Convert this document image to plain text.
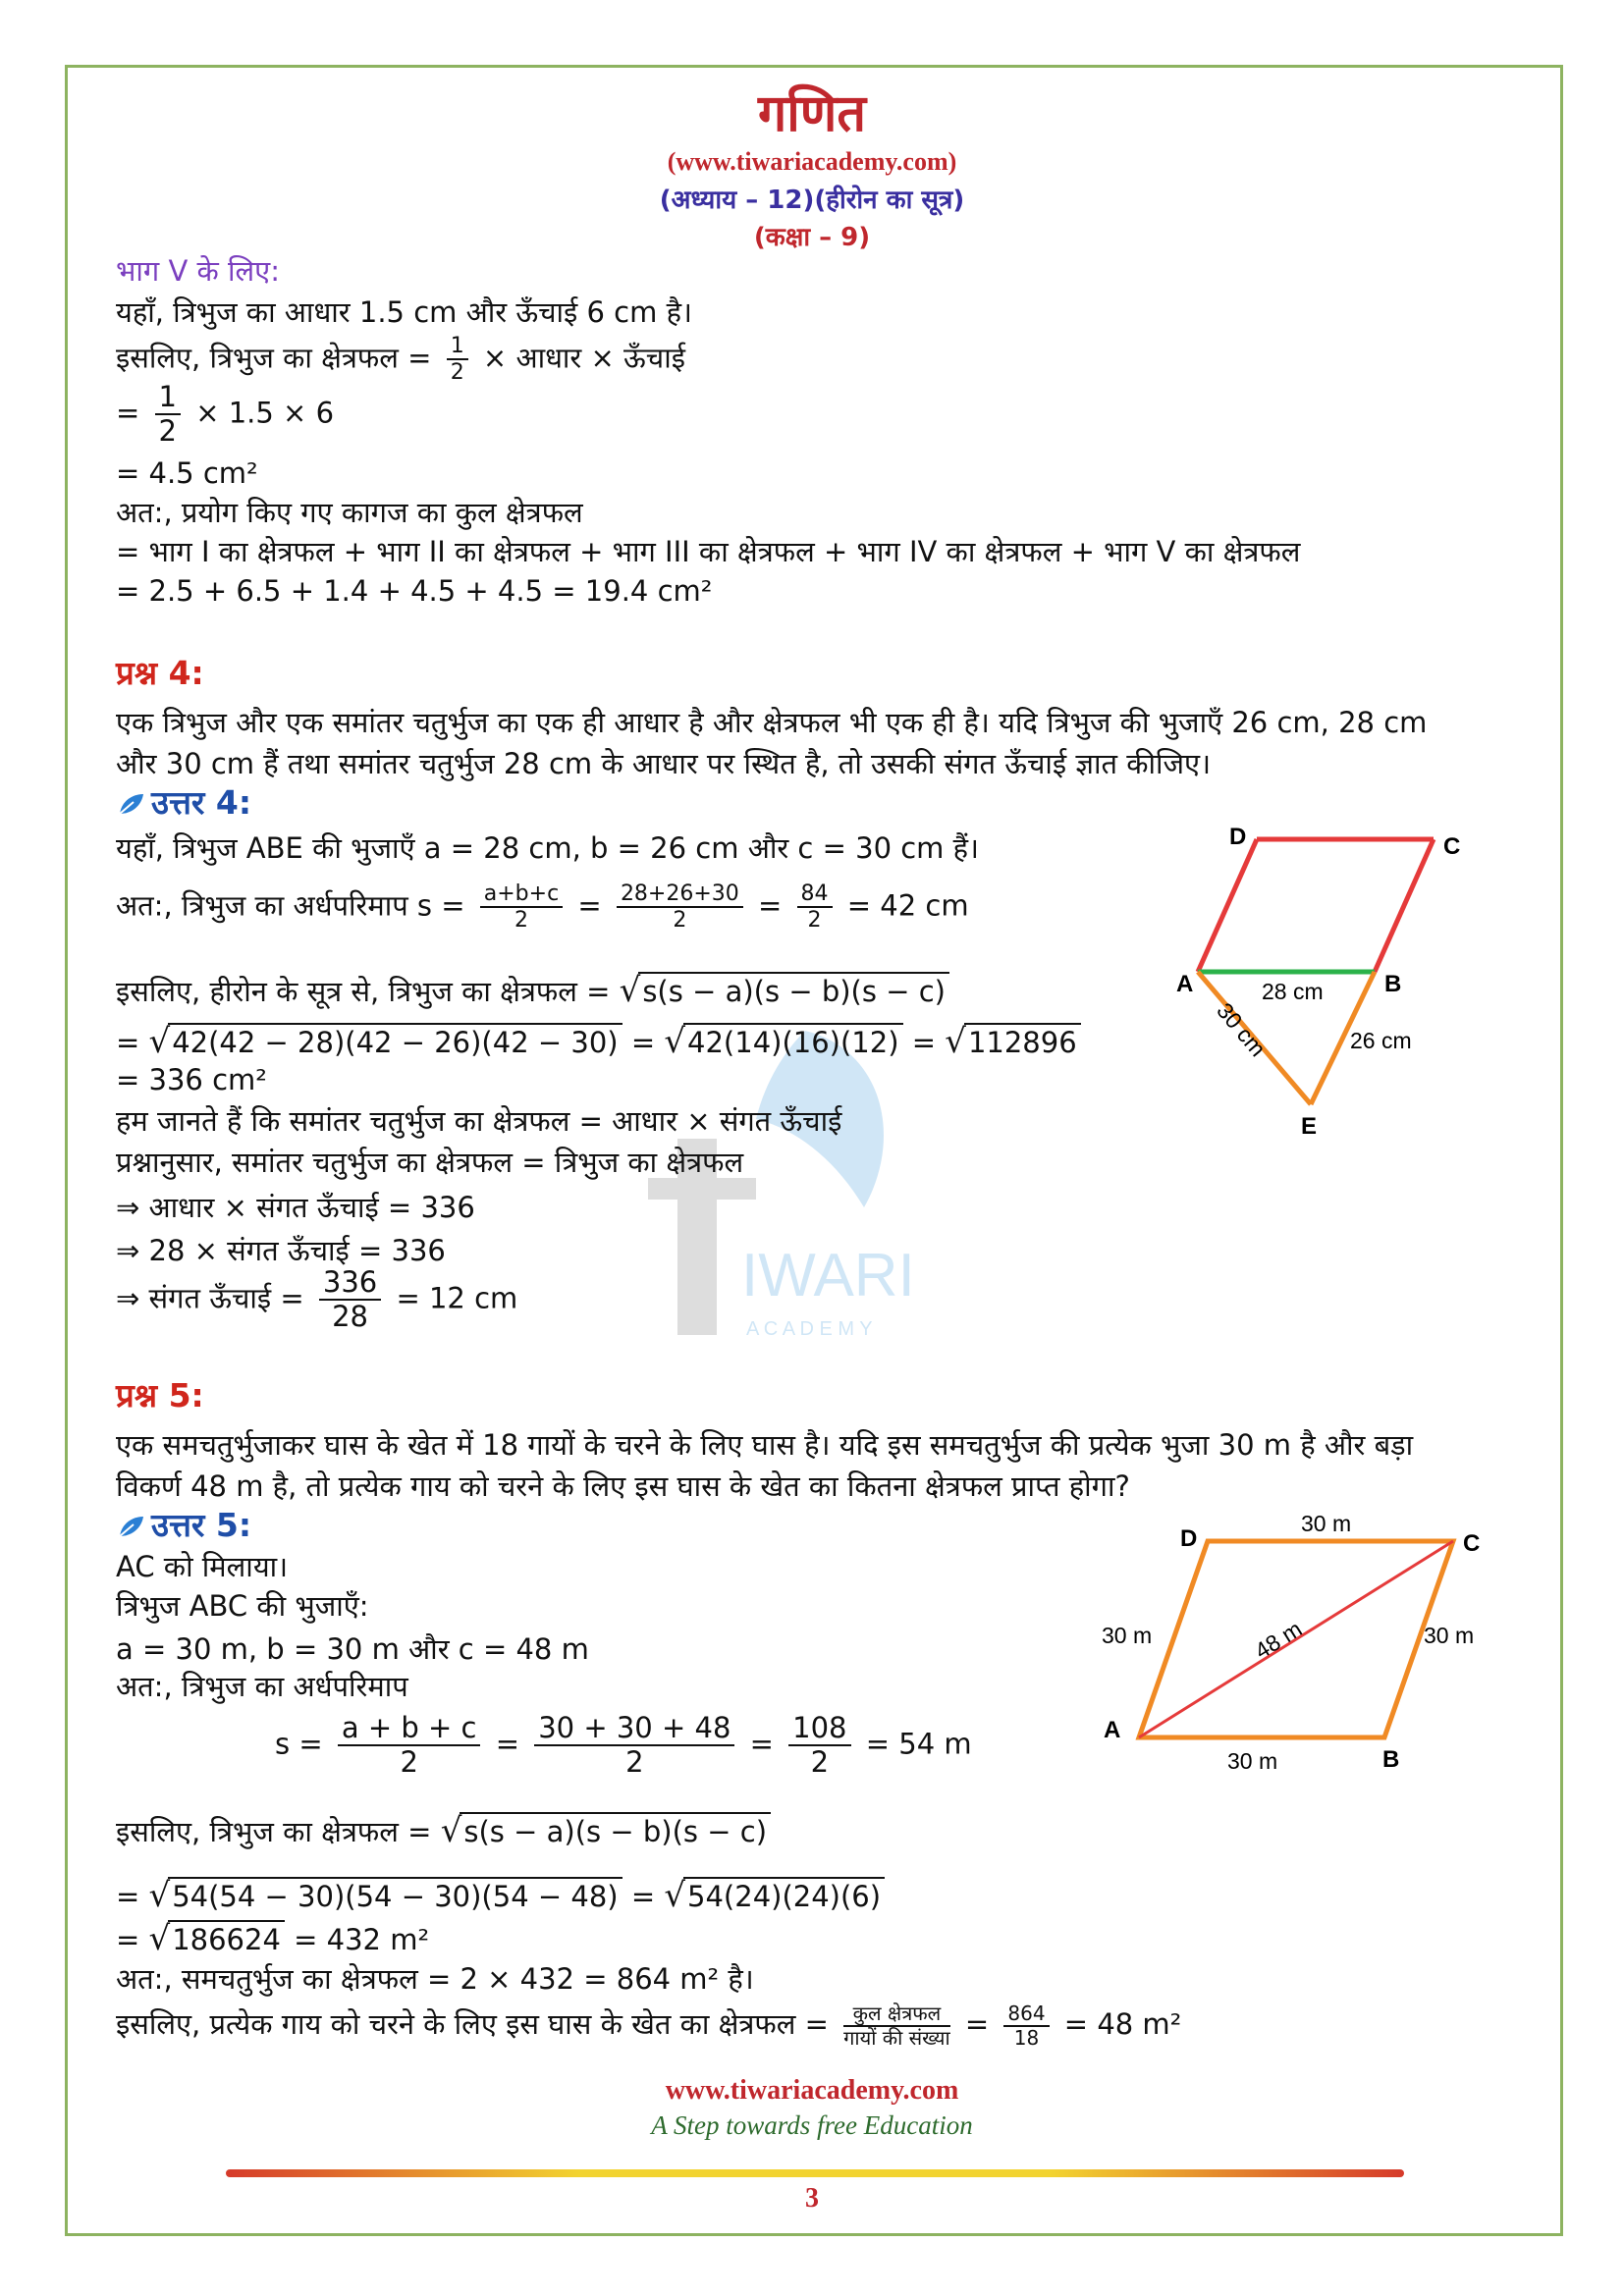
गणित
(www.tiwariacademy.com)
(अध्याय – 12)(हीरोन का सूत्र)
(कक्षा – 9)
IWARI
A C A D E M Y
भाग V के लिए:
यहाँ, त्रिभुज का आधार 1.5 cm और ऊँचाई 6 cm है।
इसलिए, त्रिभुज का क्षेत्रफल = $\frac{1}{2}$ × आधार × ऊँचाई
= $\frac{1}{2} \times 1.5 \times 6$
= 4.5 cm²
अत:, प्रयोग किए गए कागज का कुल क्षेत्रफल
= भाग I का क्षेत्रफल + भाग II का क्षेत्रफल + भाग III का क्षेत्रफल + भाग IV का क्षेत्रफल + भाग V का क्षेत्रफल
= 2.5 + 6.5 + 1.4 + 4.5 + 4.5 = 19.4 cm²
प्रश्न 4:
एक त्रिभुज और एक समांतर चतुर्भुज का एक ही आधार है और क्षेत्रफल भी एक ही है। यदि त्रिभुज की भुजाएँ 26 cm, 28 cm
और 30 cm हैं तथा समांतर चतुर्भुज 28 cm के आधार पर स्थित है, तो उसकी संगत ऊँचाई ज्ञात कीजिए।
उत्तर 4:
यहाँ, त्रिभुज ABE की भुजाएँ a = 28 cm, b = 26 cm और c = 30 cm हैं।
अत:, त्रिभुज का अर्धपरिमाप $s = \frac{a+b+c}{2} = \frac{28+26+30}{2} = \frac{84}{2} = 42$ cm
इसलिए, हीरोन के सूत्र से, त्रिभुज का क्षेत्रफल = √s(s − a)(s − b)(s − c)
= √42(42 − 28)(42 − 26)(42 − 30) = √42(14)(16)(12) = √112896
= 336 cm²
हम जानते हैं कि समांतर चतुर्भुज का क्षेत्रफल = आधार × संगत ऊँचाई
प्रश्नानुसार, समांतर चतुर्भुज का क्षेत्रफल = त्रिभुज का क्षेत्रफल
⇒ आधार × संगत ऊँचाई = 336
⇒ 28 × संगत ऊँचाई = 336
⇒ संगत ऊँचाई = $\frac{336}{28} = 12$ cm
D	C
A	B
E
28 cm
26 cm
30 cm
प्रश्न 5:
एक समचतुर्भुजाकर घास के खेत में 18 गायों के चरने के लिए घास है। यदि इस समचतुर्भुज की प्रत्येक भुजा 30 m है और बड़ा
विकर्ण 48 m है, तो प्रत्येक गाय को चरने के लिए इस घास के खेत का कितना क्षेत्रफल प्राप्त होगा?
उत्तर 5:
AC को मिलाया।
त्रिभुज ABC की भुजाएँ:
a = 30 m, b = 30 m और c = 48 m
अत:, त्रिभुज का अर्धपरिमाप
$s = \frac{a + b + c}{2} = \frac{30 + 30 + 48}{2} = \frac{108}{2} = 54$ m
इसलिए, त्रिभुज का क्षेत्रफल = √s(s − a)(s − b)(s − c)
= √54(54 − 30)(54 − 30)(54 − 48) = √54(24)(24)(6)
= √186624 = 432 m²
अत:, समचतुर्भुज का क्षेत्रफल = 2 × 432 = 864 m² है।
इसलिए, प्रत्येक गाय को चरने के लिए इस घास के खेत का क्षेत्रफल =	कुल क्षेत्रफल
गायों की संख्या = $\frac{864}{18} = 48$ m²
D	C
A
B
30 m
30 m	30 m
30 m
48 m
www.tiwariacademy.com
A Step towards free Education
3
